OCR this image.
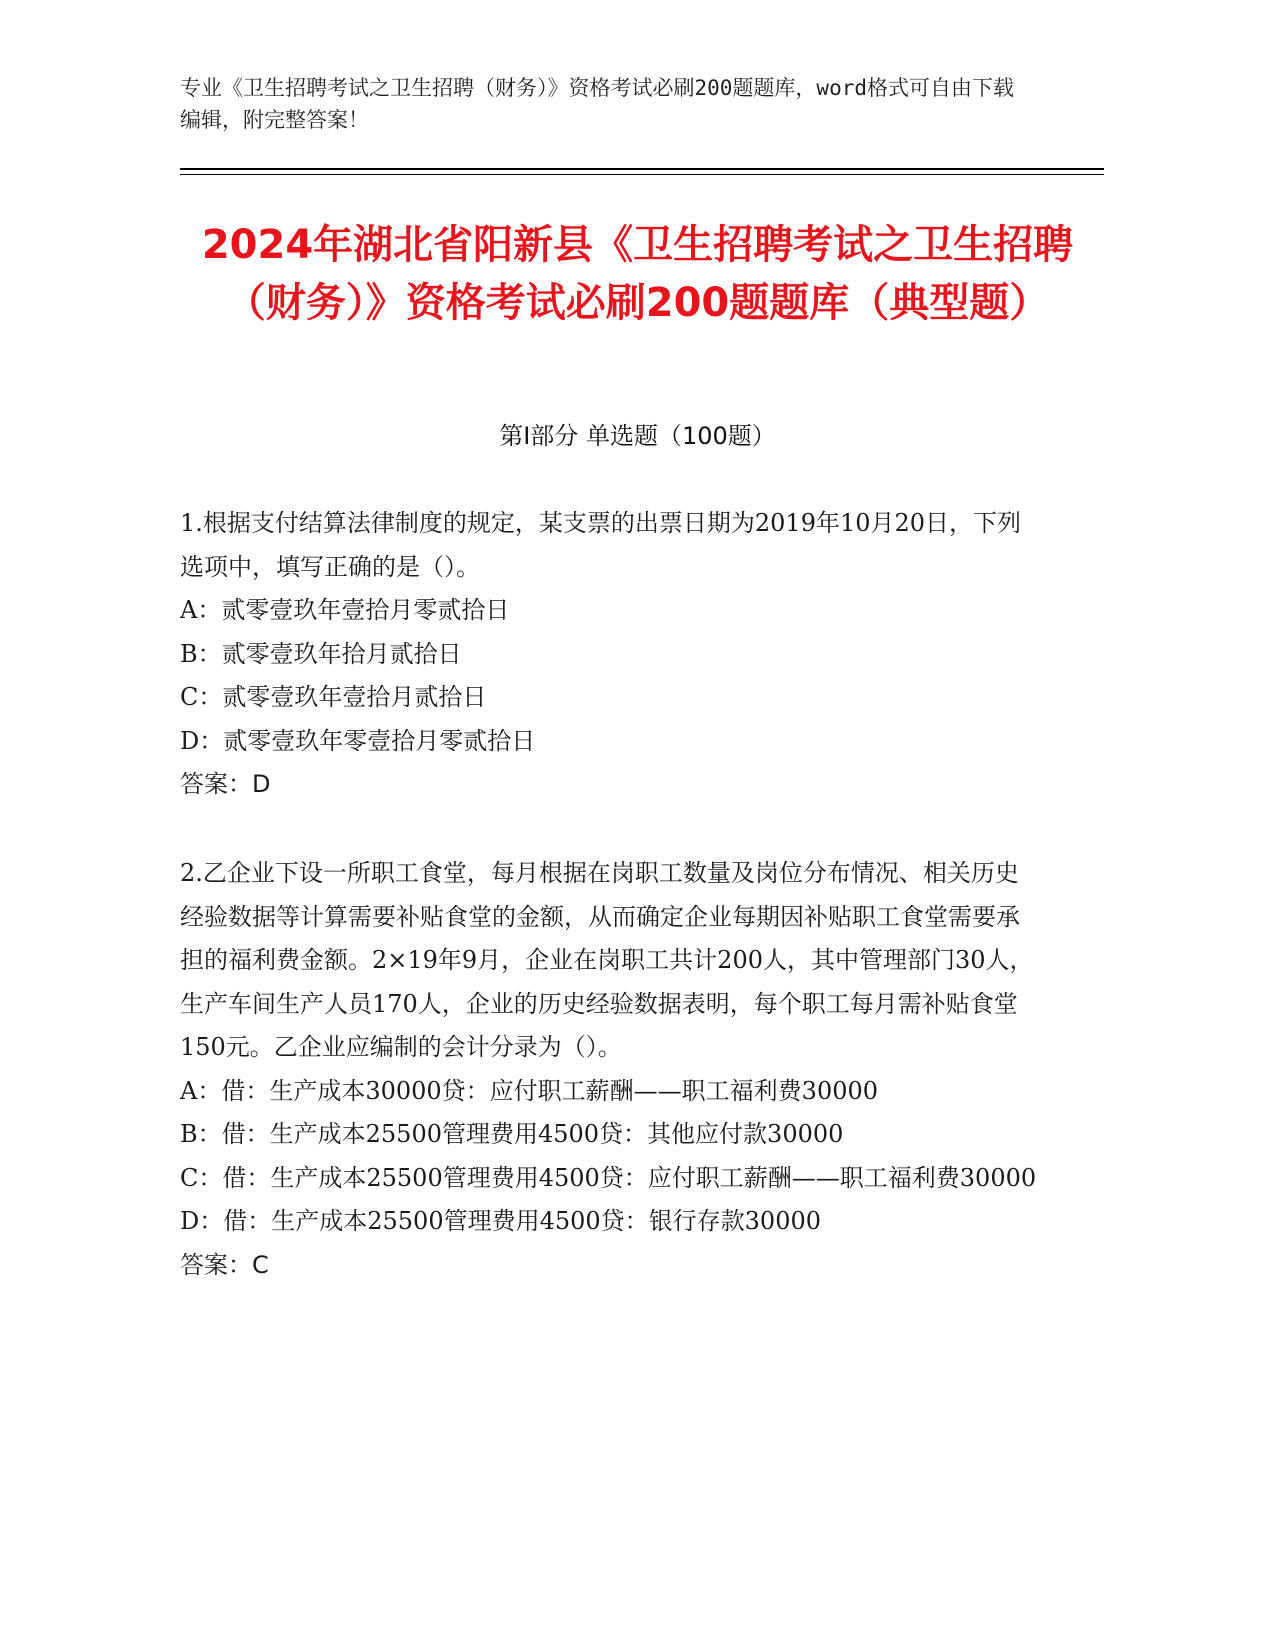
专业《卫生招聘考试之卫生招聘（财务）》资格考试必刷200题题库，word格式可自由下载编辑，附完整答案！
2024年湖北省阳新县《卫生招聘考试之卫生招聘（财务）》资格考试必刷200题题库（典型题）
第I部分 单选题（100题）
1.根据支付结算法律制度的规定，某支票的出票日期为2019年10月20日，下列选项中，填写正确的是（）。
A：贰零壹玖年壹拾月零贰拾日
B：贰零壹玖年拾月贰拾日
C：贰零壹玖年壹拾月贰拾日
D：贰零壹玖年零壹拾月零贰拾日
答案：D
2.乙企业下设一所职工食堂，每月根据在岗职工数量及岗位分布情况、相关历史经验数据等计算需要补贴食堂的金额，从而确定企业每期因补贴职工食堂需要承担的福利费金额。2×19年9月，企业在岗职工共计200人，其中管理部门30人，生产车间生产人员170人，企业的历史经验数据表明，每个职工每月需补贴食堂150元。乙企业应编制的会计分录为（）。
A：借：生产成本30000贷：应付职工薪酬——职工福利费30000
B：借：生产成本25500管理费用4500贷：其他应付款30000
C：借：生产成本25500管理费用4500贷：应付职工薪酬——职工福利费30000
D：借：生产成本25500管理费用4500贷：银行存款30000
答案：C
